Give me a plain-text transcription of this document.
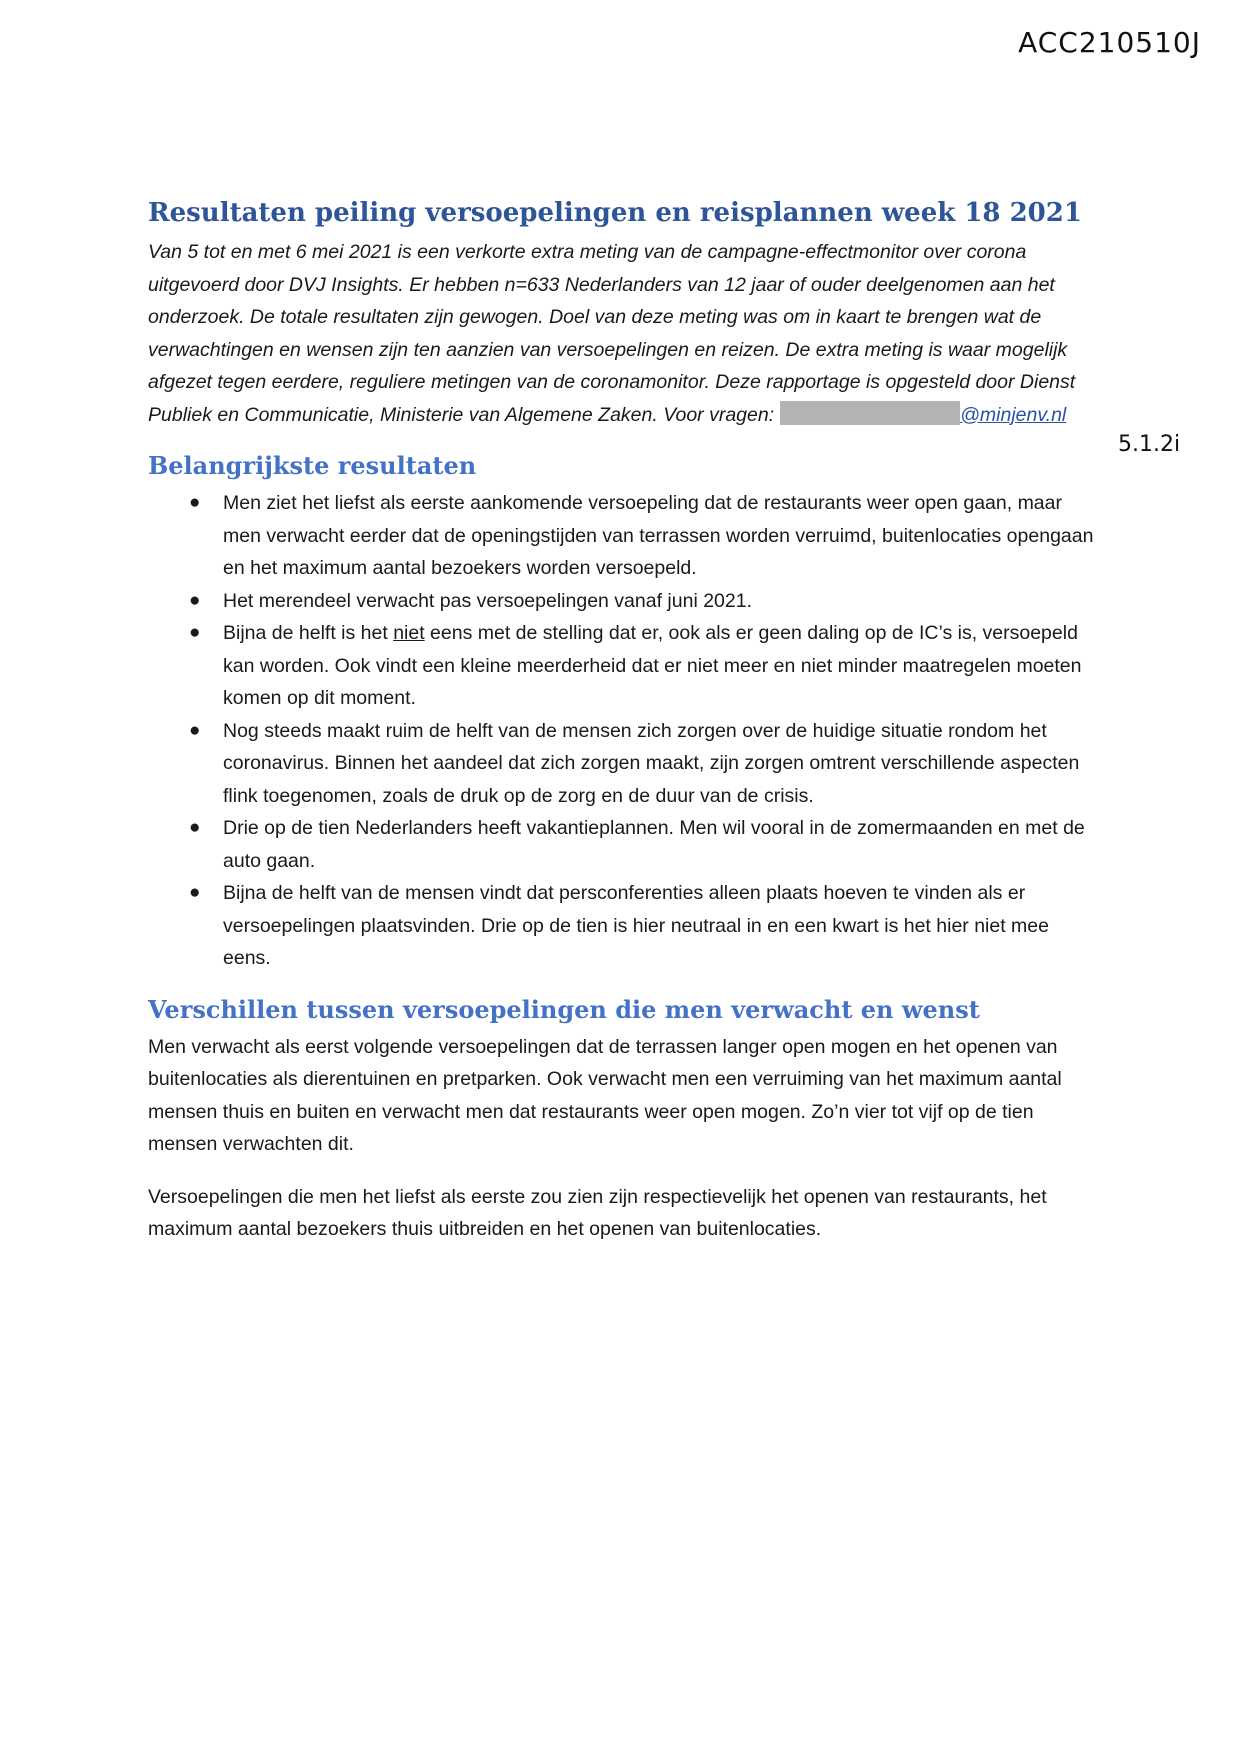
ACC210510J
5.1.2i
Resultaten peiling versoepelingen en reisplannen week 18 2021

Van 5 tot en met 6 mei 2021 is een verkorte extra meting van de campagne-effectmonitor over corona uitgevoerd door DVJ Insights. Er hebben n=633 Nederlanders van 12 jaar of ouder deelgenomen aan het onderzoek. De totale resultaten zijn gewogen. Doel van deze meting was om in kaart te brengen wat de verwachtingen en wensen zijn ten aanzien van versoepelingen en reizen. De extra meting is waar mogelijk afgezet tegen eerdere, reguliere metingen van de coronamonitor. Deze rapportage is opgesteld door Dienst Publiek en Communicatie, Ministerie van Algemene Zaken. Voor vragen:	@minjenv.nl

Belangrijkste resultaten
● Men ziet het liefst als eerste aankomende versoepeling dat de restaurants weer open gaan, maar men verwacht eerder dat de openingstijden van terrassen worden verruimd, buitenlocaties opengaan en het maximum aantal bezoekers worden versoepeld.
● Het merendeel verwacht pas versoepelingen vanaf juni 2021.
● Bijna de helft is het niet eens met de stelling dat er, ook als er geen daling op de IC’s is, versoepeld kan worden. Ook vindt een kleine meerderheid dat er niet meer en niet minder maatregelen moeten komen op dit moment.
● Nog steeds maakt ruim de helft van de mensen zich zorgen over de huidige situatie rondom het coronavirus. Binnen het aandeel dat zich zorgen maakt, zijn zorgen omtrent verschillende aspecten flink toegenomen, zoals de druk op de zorg en de duur van de crisis.
● Drie op de tien Nederlanders heeft vakantieplannen. Men wil vooral in de zomermaanden en met de auto gaan.
● Bijna de helft van de mensen vindt dat persconferenties alleen plaats hoeven te vinden als er versoepelingen plaatsvinden. Drie op de tien is hier neutraal in en een kwart is het hier niet mee eens.
Verschillen tussen versoepelingen die men verwacht en wenst

Men verwacht als eerst volgende versoepelingen dat de terrassen langer open mogen en het openen van buitenlocaties als dierentuinen en pretparken. Ook verwacht men een verruiming van het maximum aantal mensen thuis en buiten en verwacht men dat restaurants weer open mogen. Zo’n vier tot vijf op de tien mensen verwachten dit.

Versoepelingen die men het liefst als eerste zou zien zijn respectievelijk het openen van restaurants, het maximum aantal bezoekers thuis uitbreiden en het openen van buitenlocaties.
